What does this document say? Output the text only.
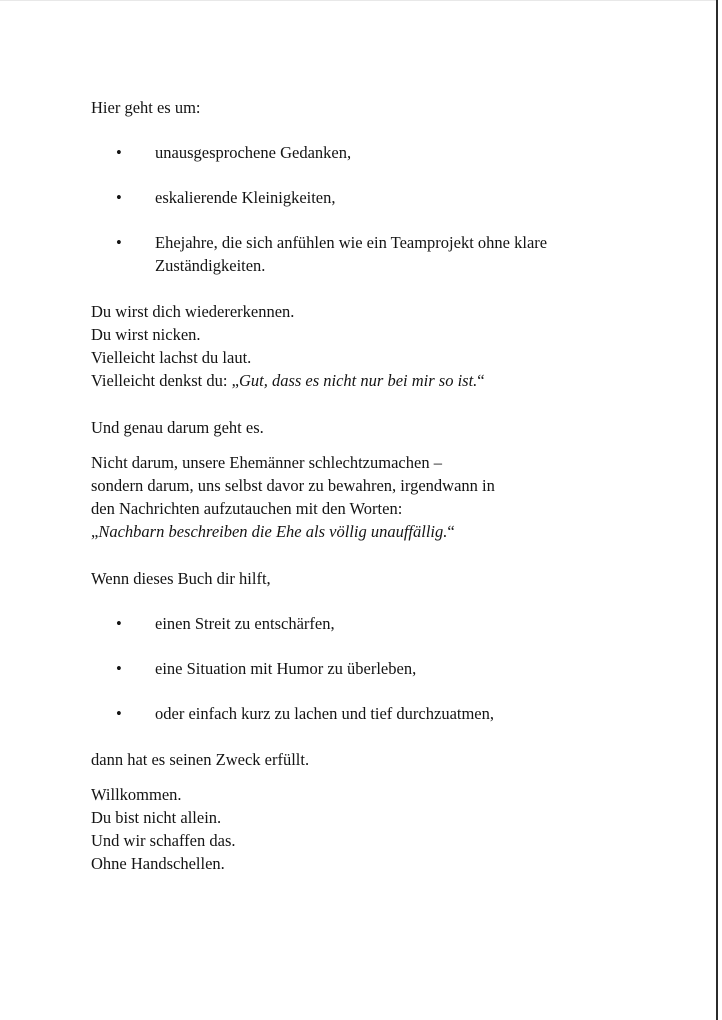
Hier geht es um:

• unausgesprochene Gedanken,
• eskalierende Kleinigkeiten,
• Ehejahre, die sich anfühlen wie ein Teamprojekt ohne klare Zuständigkeiten.
Du wirst dich wiedererkennen.
Du wirst nicken.
Vielleicht lachst du laut.
Vielleicht denkst du: „Gut, dass es nicht nur bei mir so ist.“

Und genau darum geht es.

Nicht darum, unsere Ehemänner schlechtzumachen –
sondern darum, uns selbst davor zu bewahren, irgendwann in
den Nachrichten aufzutauchen mit den Worten:
„Nachbarn beschreiben die Ehe als völlig unauffällig.“

Wenn dieses Buch dir hilft,

• einen Streit zu entschärfen,
• eine Situation mit Humor zu überleben,
• oder einfach kurz zu lachen und tief durchzuatmen,

dann hat es seinen Zweck erfüllt.

Willkommen.
Du bist nicht allein.
Und wir schaffen das.
Ohne Handschellen.
